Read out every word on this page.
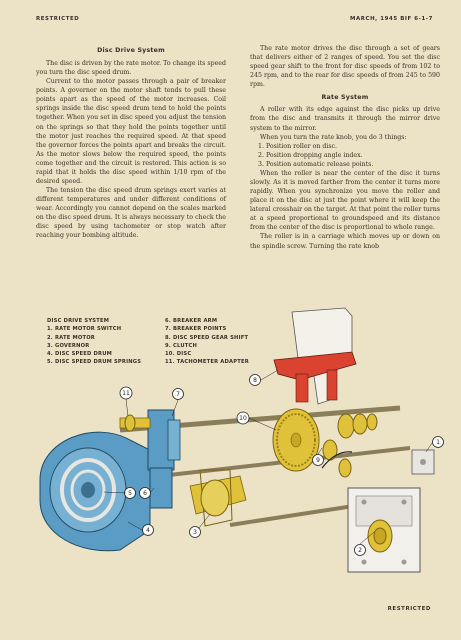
RESTRICTED	MARCH, 1945 BIF 6-1-7
Disc Drive System

The disc is driven by the rate motor. To change its speed you turn the disc speed drum.

Current to the motor passes through a pair of breaker points. A governor on the motor shaft tends to pull these points apart as the speed of the motor increases. Coil springs inside the disc speed drum tend to hold the points together. When you set in disc speed you adjust the tension on the springs so that they hold the points together until the motor just reaches the required speed. At that speed the governor forces the points apart and breaks the circuit. As the motor slows below the required speed, the points come together and the circuit is restored. This action is so rapid that it holds the disc speed within 1/10 rpm of the desired speed.

The tension the disc speed drum springs exert varies at different temperatures and under different conditions of wear. Accordingly you cannot depend on the scales marked on the disc speed drum. It is always necessary to check the disc speed by using tachometer or stop watch after reaching your bombing altitude.

The rate motor drives the disc through a set of gears that delivers either of 2 ranges of speed. You set the disc speed gear shift to the front for disc speeds of from 102 to 245 rpm, and to the rear for disc speeds of from 245 to 590 rpm.

Rate System

A roller with its edge against the disc picks up drive from the disc and transmits it through the mirror drive system to the mirror.

When you turn the rate knob, you do 3 things:

1. Position roller on disc.
2. Position dropping angle index.
3. Position automatic release points.

When the roller is near the center of the disc it turns slowly. As it is moved farther from the center it turns more rapidly. When you synchronize you move the roller and place it on the disc at just the point where it will keep the lateral crosshair on the target. At that point the roller turns at a speed proportional to groundspeed and its distance from the center of the disc is proportional to whole range.

The roller is in a carriage which moves up or down on the spindle screw. Turning the rate knob

1
2
3
4
5 6
7
8
9
10
11
DISC DRIVE SYSTEM
1. RATE MOTOR SWITCH
2. RATE MOTOR
3. GOVERNOR
4. DISC SPEED DRUM
5. DISC SPEED DRUM SPRINGS
6. BREAKER ARM
7. BREAKER POINTS
8. DISC SPEED GEAR SHIFT
9. CLUTCH
10. DISC
11. TACHOMETER ADAPTER
RESTRICTED
